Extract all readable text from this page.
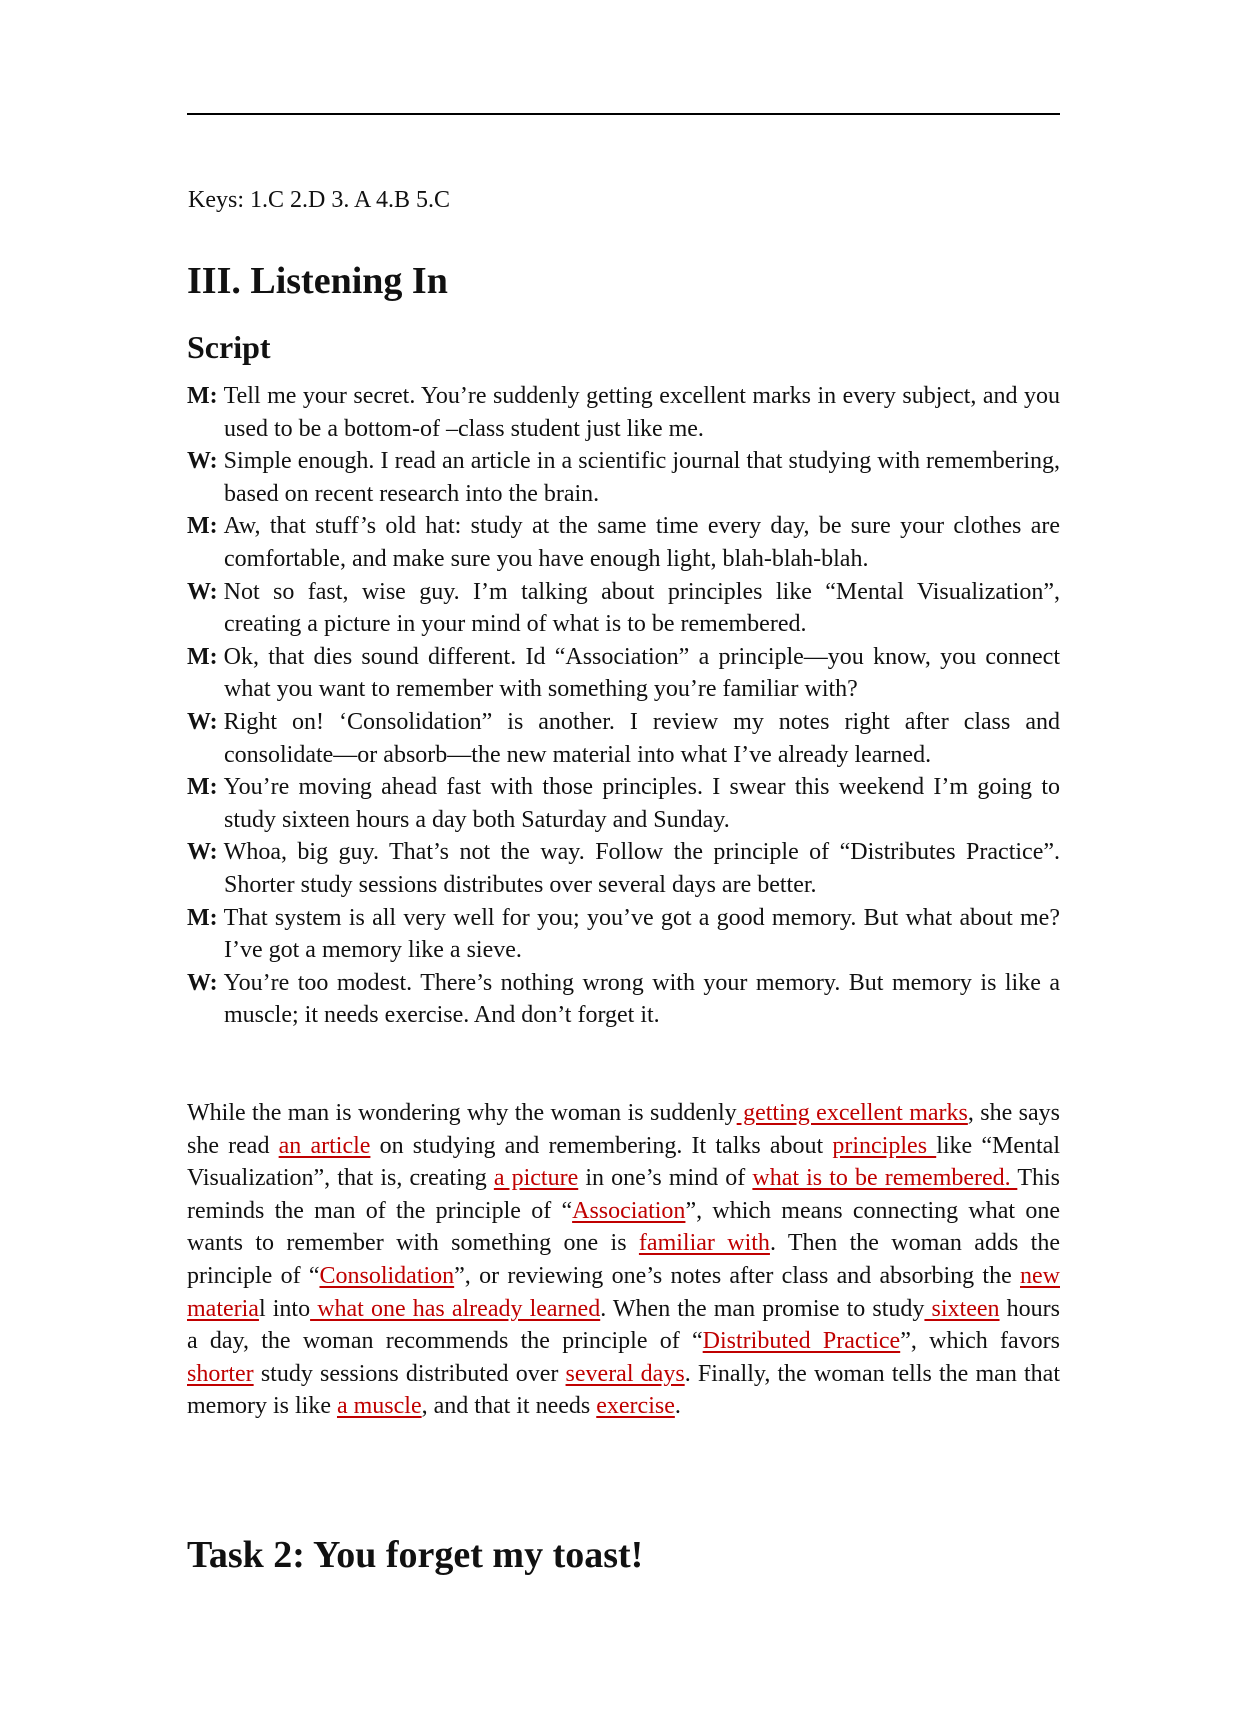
Keys: 1.C 2.D 3. A 4.B 5.C
III. Listening In
Script
M: Tell me your secret. You’re suddenly getting excellent marks in every subject, and you used to be a bottom-of –class student just like me.
W: Simple enough. I read an article in a scientific journal that studying with remembering, based on recent research into the brain.
M: Aw, that stuff’s old hat: study at the same time every day, be sure your clothes are comfortable, and make sure you have enough light, blah-blah-blah.
W: Not so fast, wise guy. I’m talking about principles like “Mental Visualization”, creating a picture in your mind of what is to be remembered.
M: Ok, that dies sound different. Id “Association” a principle—you know, you connect what you want to remember with something you’re familiar with?
W: Right on! ‘Consolidation” is another. I review my notes right after class and consolidate—or absorb—the new material into what I’ve already learned.
M: You’re moving ahead fast with those principles. I swear this weekend I’m going to study sixteen hours a day both Saturday and Sunday.
W: Whoa, big guy. That’s not the way. Follow the principle of “Distributes Practice”. Shorter study sessions distributes over several days are better.
M: That system is all very well for you; you’ve got a good memory. But what about me? I’ve got a memory like a sieve.
W: You’re too modest. There’s nothing wrong with your memory. But memory is like a muscle; it needs exercise. And don’t forget it.

While the man is wondering why the woman is suddenly getting excellent marks, she says she read an article on studying and remembering. It talks about principles like “Mental Visualization”, that is, creating a picture in one’s mind of what is to be remembered. This reminds the man of the principle of “Association”, which means connecting what one wants to remember with something one is familiar with. Then the woman adds the principle of “Consolidation”, or reviewing one’s notes after class and absorbing the new material into what one has already learned. When the man promise to study sixteen hours a day, the woman recommends the principle of “Distributed Practice”, which favors shorter study sessions distributed over several days. Finally, the woman tells the man that memory is like a muscle, and that it needs exercise.

Task 2: You forget my toast!
